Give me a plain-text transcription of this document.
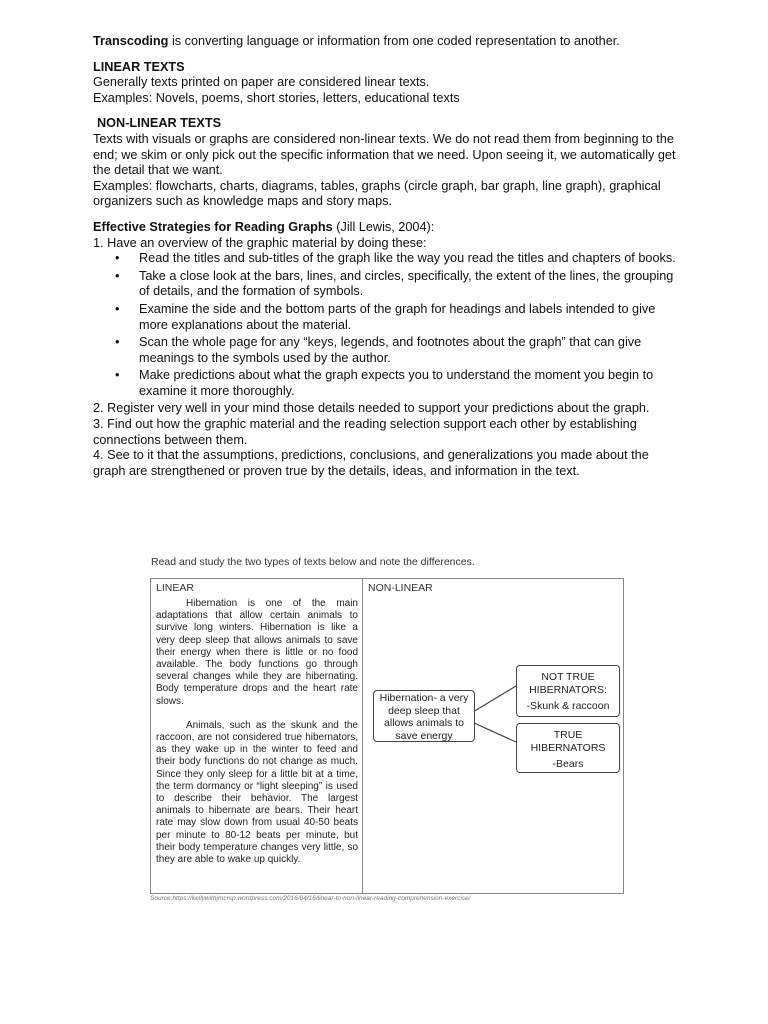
Transcoding is converting language or information from one coded representation to another.

LINEAR TEXTS

Generally texts printed on paper are considered linear texts.

Examples: Novels, poems, short stories, letters, educational texts

NON-LINEAR TEXTS

Texts with visuals or graphs are considered non-linear texts. We do not read them from beginning to the end; we skim or only pick out the specific information that we need. Upon seeing it, we automatically get the detail that we want.

Examples: flowcharts, charts, diagrams, tables, graphs (circle graph, bar graph, line graph), graphical organizers such as knowledge maps and story maps.

Effective Strategies for Reading Graphs (Jill Lewis, 2004):

1. Have an overview of the graphic material by doing these:

• Read the titles and sub-titles of the graph like the way you read the titles and chapters of books.
• Take a close look at the bars, lines, and circles, specifically, the extent of the lines, the grouping of details, and the formation of symbols.
• Examine the side and the bottom parts of the graph for headings and labels intended to give more explanations about the material.
• Scan the whole page for any “keys, legends, and footnotes about the graph” that can give meanings to the symbols used by the author.
• Make predictions about what the graph expects you to understand the moment you begin to examine it more thoroughly.

2. Register very well in your mind those details needed to support your predictions about the graph.

3. Find out how the graphic material and the reading selection support each other by establishing connections between them.

4. See to it that the assumptions, predictions, conclusions, and generalizations you made about the graph are strengthened or proven true by the details, ideas, and information in the text.

Read and study the two types of texts below and note the differences.
LINEAR	NON-LINEAR

Hibernation is one of the main adaptations that allow certain animals to survive long winters. Hibernation is like a very deep sleep that allows animals to save their energy when there is little or no food available. The body functions go through several changes while they are hibernating. Body temperature drops and the heart rate slows.

Animals, such as the skunk and the raccoon, are not considered true hibernators, as they wake up in the winter to feed and their body functions do not change as much. Since they only sleep for a little bit at a time, the term dormancy or “light sleeping” is used to describe their behavior. The largest animals to hibernate are bears. Their heart rate may slow down from usual 40-50 beats per minute to 80-12 beats per minute, but their body temperature changes very little, so they are able to wake up quickly.

Hibernation- a very
deep sleep that
allows animals to
save energy
NOT TRUE
HIBERNATORS:
-Skunk & raccoon
TRUE
HIBERNATORS
-Bears
Source:https://kellywithjmcrsp.wordpress.com/2016/04/16/linear-to-non-linear-reading-comprehension-exercise/
